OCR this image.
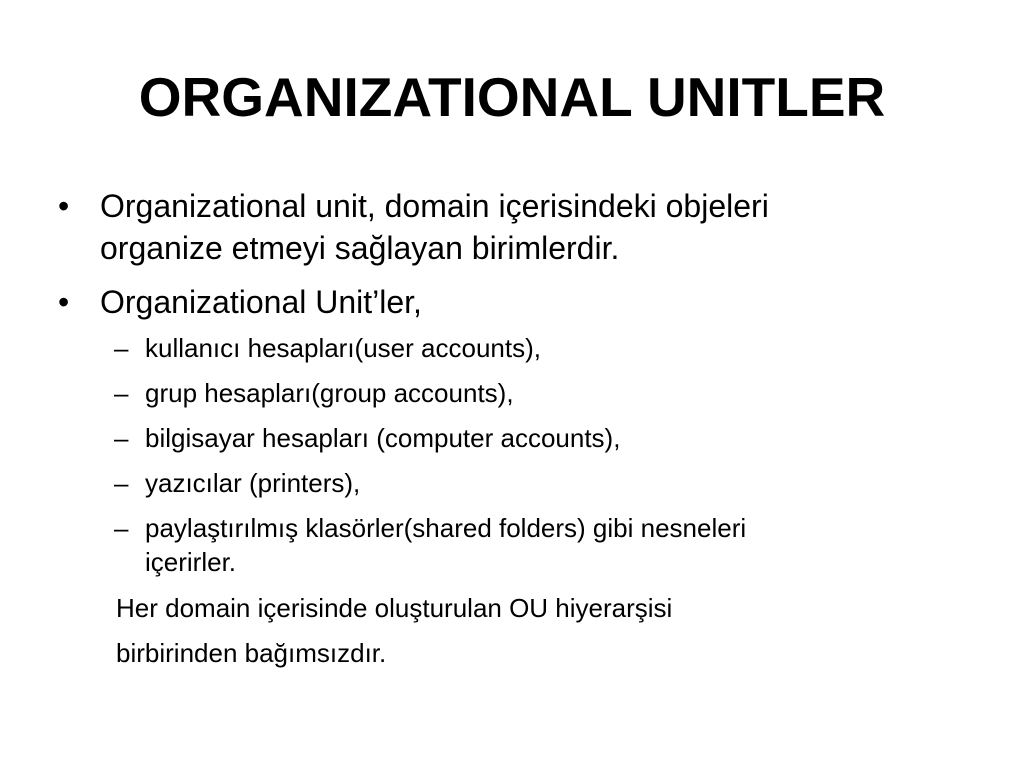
ORGANIZATIONAL UNITLER
• Organizational unit, domain içerisindeki objeleri
organize etmeyi sağlayan birimlerdir.
• Organizational Unit’ler,
– kullanıcı hesapları(user accounts),
– grup hesapları(group accounts),
– bilgisayar hesapları (computer accounts),
– yazıcılar (printers),
– paylaştırılmış klasörler(shared folders) gibi nesneleri
içerirler.
Her domain içerisinde oluşturulan OU hiyerarşisi
birbirinden bağımsızdır.
